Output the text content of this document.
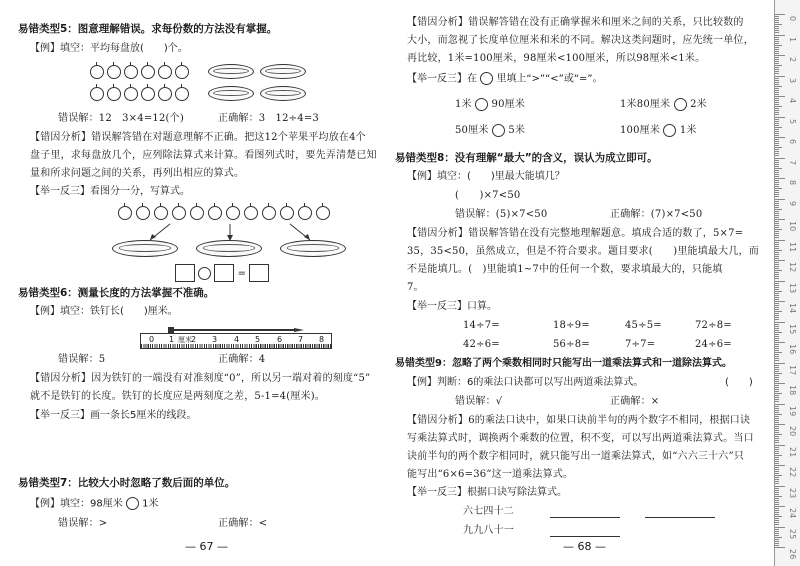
易错类型5：图意理解错误。求每份数的方法没有掌握。
【例】填空：平均每盘放(　　)个。
错误解：12　3×4=12(个)	正确解：3　12÷4=3
【错因分析】错误解答错在对题意理解不正确。把这12个苹果平均放在4个
盘子里，求每盘放几个，应列除法算式来计算。看图列式时，要先弄清楚已知
量和所求问题之间的关系，再列出相应的算式。
【举一反三】看图分一分，写算式。
=
易错类型6：测量长度的方法掌握不准确。
【例】填空：铁钉长(　　)厘米。
0 1 厘米 2 3 4 5 6 7 8
错误解：5	正确解：4
【错因分析】因为铁钉的一端没有对准刻度“0”，所以另一端对着的刻度“5”
就不是铁钉的长度。铁钉的长度应是两刻度之差，5-1=4(厘米)。
【举一反三】画一条长5厘米的线段。
易错类型7：比较大小时忽略了数后面的单位。
【例】填空：98厘米 1米
错误解：>	正确解：<
— 67 —
【错因分析】错误解答错在没有正确掌握米和厘米之间的关系，只比较数的
大小，而忽视了长度单位厘米和米的不同。解决这类问题时，应先统一单位，
再比较，1米=100厘米，98厘米<100厘米，所以98厘米<1米。
【举一反三】在 里填上“>”“<”或“=”。
1米 90厘米	1米80厘米 2米
50厘米 5米	100厘米 1米
易错类型8：没有理解“最大”的含义，误认为成立即可。
【例】填空：(　　)里最大能填几？
(　　)×7<50
错误解：(5)×7<50	正确解：(7)×7<50
【错因分析】错误解答错在没有完整地理解题意。填成合适的数了，5×7=
35，35<50，虽然成立，但是不符合要求。题目要求(　　)里能填最大几，而
不是能填几。(　)里能填1~7中的任何一个数，要求填最大的，只能填
7。
【举一反三】口算。
14÷7=	18÷9=	45÷5=	72÷8=
42÷6=	56÷8=	7÷7=	24÷6=
易错类型9：忽略了两个乘数相同时只能写出一道乘法算式和一道除法算式。
【例】判断：6的乘法口诀都可以写出两道乘法算式。	(　　)
错误解：√	正确解：×
【错因分析】6的乘法口诀中，如果口诀前半句的两个数字不相同，根据口诀
写乘法算式时，调换两个乘数的位置，积不变，可以写出两道乘法算式。当口
诀前半句的两个数字相同时，就只能写出一道乘法算式，如“六六三十六”只
能写出“6×6=36”这一道乘法算式。
【举一反三】根据口诀写除法算式。
六七四十二
九九八十一
— 68 —
0
1
2
3
4
5
6
7
8
9
10
11
12
13
14
15
16
17
18
19
20
21
22
23
24
25
26
